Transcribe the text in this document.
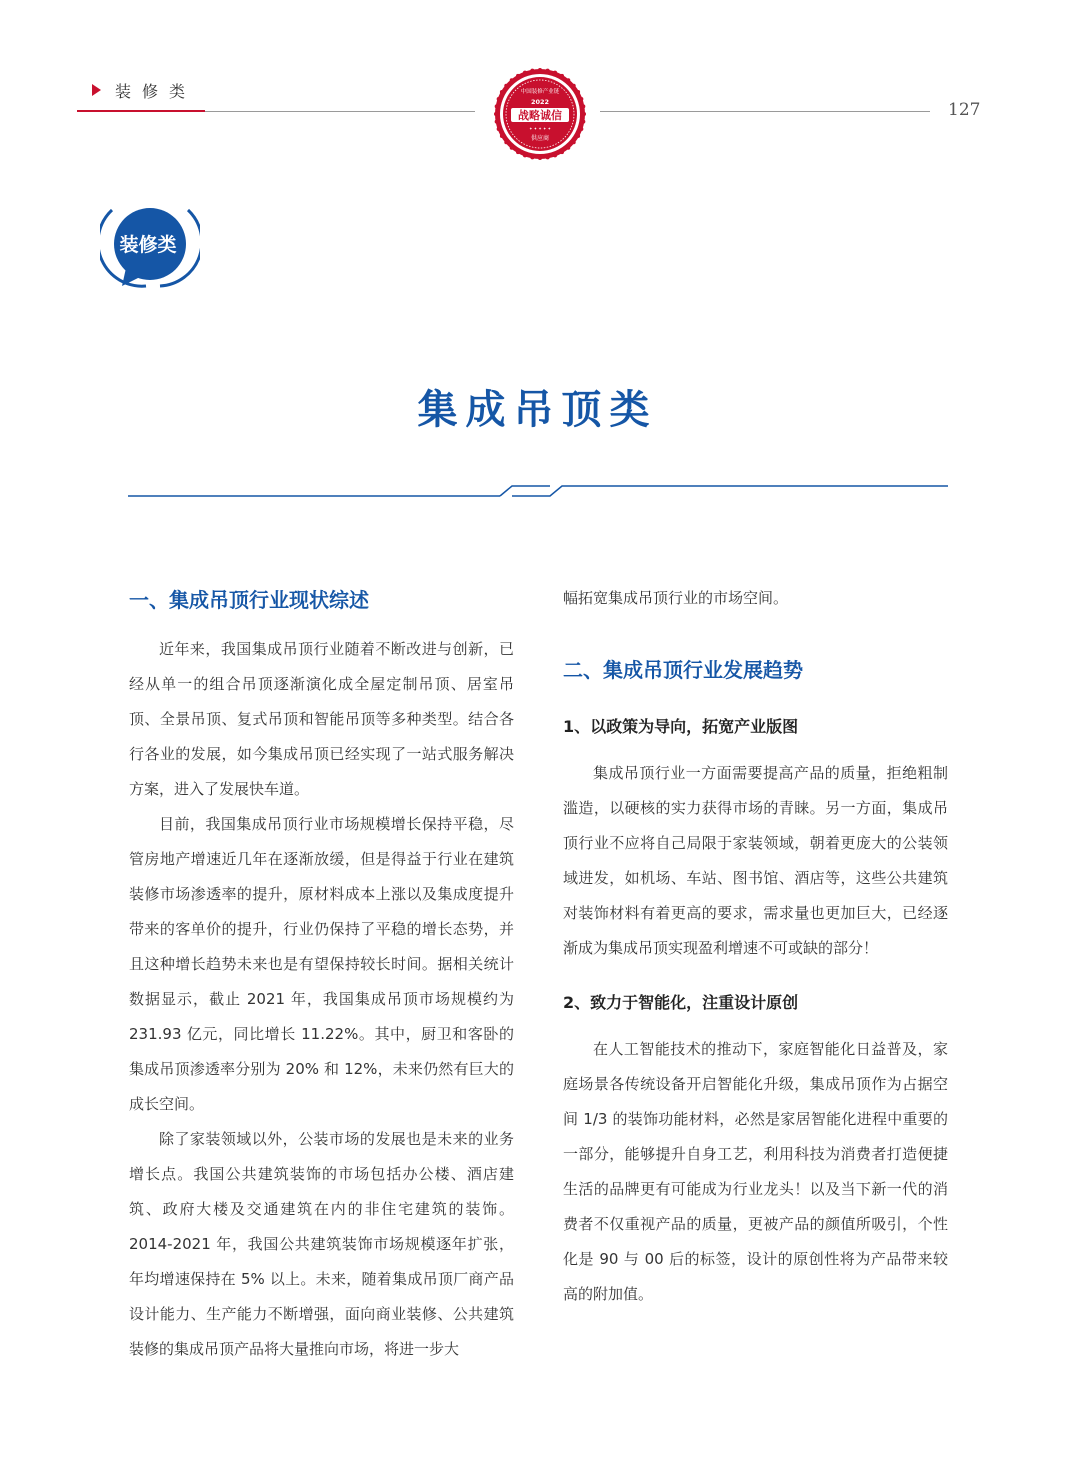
装修类
127
中国装修产业链
2022
战略诚信
✦ ✦ ✦ ✦ ✦
供应商
装修类
集成吊顶类
一、集成吊顶行业现状综述

近年来，我国集成吊顶行业随着不断改进与创新，已经从单一的组合吊顶逐渐演化成全屋定制吊顶、居室吊顶、全景吊顶、复式吊顶和智能吊顶等多种类型。结合各行各业的发展，如今集成吊顶已经实现了一站式服务解决方案，进入了发展快车道。

目前，我国集成吊顶行业市场规模增长保持平稳，尽管房地产增速近几年在逐渐放缓，但是得益于行业在建筑装修市场渗透率的提升，原材料成本上涨以及集成度提升带来的客单价的提升，行业仍保持了平稳的增长态势，并且这种增长趋势未来也是有望保持较长时间。据相关统计数据显示，截止 2021 年，我国集成吊顶市场规模约为 231.93 亿元，同比增长 11.22%。其中，厨卫和客卧的集成吊顶渗透率分别为 20% 和 12%，未来仍然有巨大的成长空间。

除了家装领域以外，公装市场的发展也是未来的业务增长点。我国公共建筑装饰的市场包括办公楼、酒店建筑、政府大楼及交通建筑在内的非住宅建筑的装饰。2014-2021 年，我国公共建筑装饰市场规模逐年扩张，年均增速保持在 5% 以上。未来，随着集成吊顶厂商产品设计能力、生产能力不断增强，面向商业装修、公共建筑装修的集成吊顶产品将大量推向市场，将进一步大

幅拓宽集成吊顶行业的市场空间。

二、集成吊顶行业发展趋势
1、以政策为导向，拓宽产业版图

集成吊顶行业一方面需要提高产品的质量，拒绝粗制滥造，以硬核的实力获得市场的青睐。另一方面，集成吊顶行业不应将自己局限于家装领域，朝着更庞大的公装领域进发，如机场、车站、图书馆、酒店等，这些公共建筑对装饰材料有着更高的要求，需求量也更加巨大，已经逐渐成为集成吊顶实现盈利增速不可或缺的部分！

2、致力于智能化，注重设计原创

在人工智能技术的推动下，家庭智能化日益普及，家庭场景各传统设备开启智能化升级，集成吊顶作为占据空间 1/3 的装饰功能材料，必然是家居智能化进程中重要的一部分，能够提升自身工艺，利用科技为消费者打造便捷生活的品牌更有可能成为行业龙头！以及当下新一代的消费者不仅重视产品的质量，更被产品的颜值所吸引，个性化是 90 与 00 后的标签，设计的原创性将为产品带来较高的附加值。
